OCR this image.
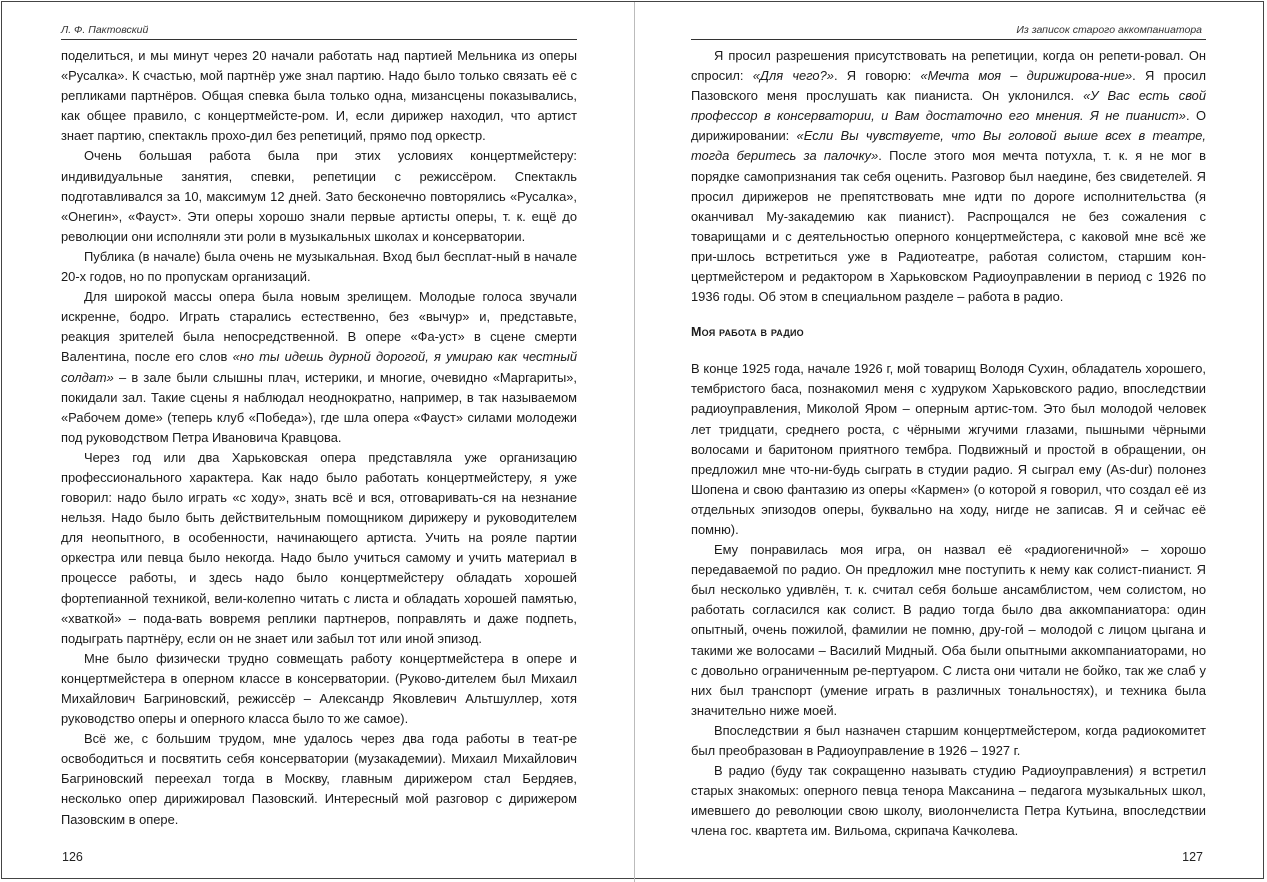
Л. Ф. Пактовский

поделиться, и мы минут через 20 начали работать над партией Мельника из оперы «Русалка». К счастью, мой партнёр уже знал партию. Надо было только связать её с репликами партнёров. Общая спевка была только одна, мизансцены показывались, как общее правило, с концертмейсте-ром. И, если дирижер находил, что артист знает партию, спектакль прохо-дил без репетиций, прямо под оркестр.

Очень большая работа была при этих условиях концертмейстеру: индивидуальные занятия, спевки, репетиции с режиссёром. Спектакль подготавливался за 10, максимум 12 дней. Зато бесконечно повторялись «Русалка», «Онегин», «Фауст». Эти оперы хорошо знали первые артисты оперы, т. к. ещё до революции они исполняли эти роли в музыкальных школах и консерватории.

Публика (в начале) была очень не музыкальная. Вход был бесплат-ный в начале 20-х годов, но по пропускам организаций.

Для широкой массы опера была новым зрелищем. Молодые голоса звучали искренне, бодро. Играть старались естественно, без «вычур» и, представьте, реакция зрителей была непосредственной. В опере «Фа-уст» в сцене смерти Валентина, после его слов «но ты идешь дурной дорогой, я умираю как честный солдат» – в зале были слышны плач, истерики, и многие, очевидно «Маргариты», покидали зал. Такие сцены я наблюдал неоднократно, например, в так называемом «Рабочем доме» (теперь клуб «Победа»), где шла опера «Фауст» силами молодежи под руководством Петра Ивановича Кравцова.

Через год или два Харьковская опера представляла уже организацию профессионального характера. Как надо было работать концертмейстеру, я уже говорил: надо было играть «с ходу», знать всё и вся, отговаривать-ся на незнание нельзя. Надо было быть действительным помощником дирижеру и руководителем для неопытного, в особенности, начинающего артиста. Учить на рояле партии оркестра или певца было некогда. Надо было учиться самому и учить материал в процессе работы, и здесь надо было концертмейстеру обладать хорошей фортепианной техникой, вели-колепно читать с листа и обладать хорошей памятью, «хваткой» – пода-вать вовремя реплики партнеров, поправлять и даже подпеть, подыграть партнёру, если он не знает или забыл тот или иной эпизод.

Мне было физически трудно совмещать работу концертмейстера в опере и концертмейстера в оперном классе в консерватории. (Руково-дителем был Михаил Михайлович Багриновский, режиссёр – Александр Яковлевич Альтшуллер, хотя руководство оперы и оперного класса было то же самое).

Всё же, с большим трудом, мне удалось через два года работы в теат-ре освободиться и посвятить себя консерватории (музакадемии). Михаил Михайлович Багриновский переехал тогда в Москву, главным дирижером стал Бердяев, несколько опер дирижировал Пазовский. Интересный мой разговор с дирижером Пазовским в опере.

126
Из записок старого аккомпаниатора

Я просил разрешения присутствовать на репетиции, когда он репети-ровал. Он спросил: «Для чего?». Я говорю: «Мечта моя – дирижирова-ние». Я просил Пазовского меня прослушать как пианиста. Он уклонился. «У Вас есть свой профессор в консерватории, и Вам достаточно его мнения. Я не пианист». О дирижировании: «Если Вы чувствуете, что Вы головой выше всех в театре, тогда беритесь за палочку». После этого моя мечта потухла, т. к. я не мог в порядке самопризнания так себя оценить. Разговор был наедине, без свидетелей. Я просил дирижеров не препятствовать мне идти по дороге исполнительства (я оканчивал Му-закадемию как пианист). Распрощался не без сожаления с товарищами и с деятельностью оперного концертмейстера, с каковой мне всё же при-шлось встретиться уже в Радиотеатре, работая солистом, старшим кон-цертмейстером и редактором в Харьковском Радиоуправлении в период с 1926 по 1936 годы. Об этом в специальном разделе – работа в радио.

Моя работа в радио

В конце 1925 года, начале 1926 г, мой товарищ Володя Сухин, обладатель хорошего, тембристого баса, познакомил меня с худруком Харьковского радио, впоследствии радиоуправления, Миколой Яром – оперным артис-том. Это был молодой человек лет тридцати, среднего роста, с чёрными жгучими глазами, пышными чёрными волосами и баритоном приятного тембра. Подвижный и простой в обращении, он предложил мне что-ни-будь сыграть в студии радио. Я сыграл ему (As-dur) полонез Шопена и свою фантазию из оперы «Кармен» (о которой я говорил, что создал её из отдельных эпизодов оперы, буквально на ходу, нигде не записав. Я и сейчас её помню).

Ему понравилась моя игра, он назвал её «радиогеничной» – хорошо передаваемой по радио. Он предложил мне поступить к нему как солист-пианист. Я был несколько удивлён, т. к. считал себя больше ансамблистом, чем солистом, но работать согласился как солист. В радио тогда было два аккомпаниатора: один опытный, очень пожилой, фамилии не помню, дру-гой – молодой с лицом цыгана и такими же волосами – Василий Мидный. Оба были опытными аккомпаниаторами, но с довольно ограниченным ре-пертуаром. С листа они читали не бойко, так же слаб у них был транспорт (умение играть в различных тональностях), и техника была значительно ниже моей.

Впоследствии я был назначен старшим концертмейстером, когда радиокомитет был преобразован в Радиоуправление в 1926 – 1927 г.

В радио (буду так сокращенно называть студию Радиоуправления) я встретил старых знакомых: оперного певца тенора Максанина – педагога музыкальных школ, имевшего до революции свою школу, виолончелиста Петра Кутьина, впоследствии члена гос. квартета им. Вильома, скрипача Качколева.

127
